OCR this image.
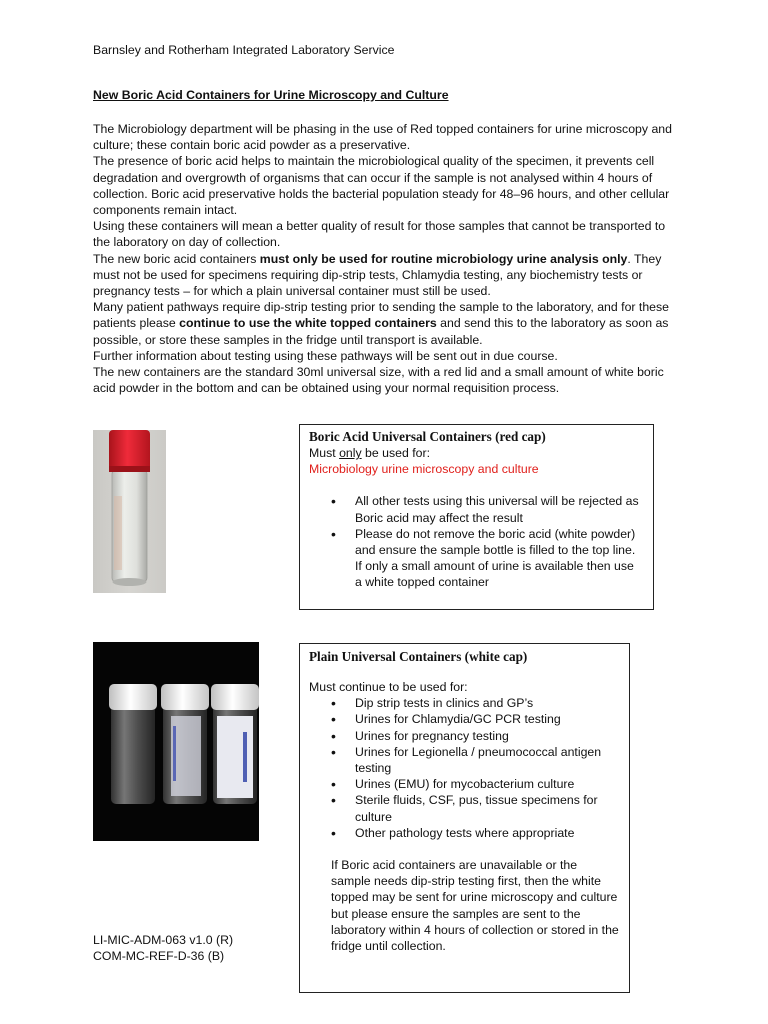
Barnsley and Rotherham Integrated Laboratory Service
New Boric Acid Containers for Urine Microscopy and Culture

The Microbiology department will be phasing in the use of Red topped containers for urine microscopy and culture; these contain boric acid powder as a preservative.

The presence of boric acid helps to maintain the microbiological quality of the specimen, it prevents cell degradation and overgrowth of organisms that can occur if the sample is not analysed within 4 hours of collection. Boric acid preservative holds the bacterial population steady for 48–96 hours, and other cellular components remain intact.

Using these containers will mean a better quality of result for those samples that cannot be transported to the laboratory on day of collection.

The new boric acid containers must only be used for routine microbiology urine analysis only. They must not be used for specimens requiring dip-strip tests, Chlamydia testing, any biochemistry tests or pregnancy tests – for which a plain universal container must still be used.

Many patient pathways require dip-strip testing prior to sending the sample to the laboratory, and for these patients please continue to use the white topped containers and send this to the laboratory as soon as possible, or store these samples in the fridge until transport is available.

Further information about testing using these pathways will be sent out in due course.

The new containers are the standard 30ml universal size, with a red lid and a small amount of white boric acid powder in the bottom and can be obtained using your normal requisition process.

Boric Acid Universal Containers (red cap)

Must only be used for:

Microbiology urine microscopy and culture

• All other tests using this universal will be rejected as Boric acid may affect the result
• Please do not remove the boric acid (white powder) and ensure the sample bottle is filled to the top line. If only a small amount of urine is available then use a white topped container
Plain Universal Containers (white cap)

Must continue to be used for:

• Dip strip tests in clinics and GP’s
• Urines for Chlamydia/GC PCR testing
• Urines for pregnancy testing
• Urines for Legionella / pneumococcal antigen testing
• Urines (EMU) for mycobacterium culture
• Sterile fluids, CSF, pus, tissue specimens for culture
• Other pathology tests where appropriate

If Boric acid containers are unavailable or the sample needs dip-strip testing first, then the white topped may be sent for urine microscopy and culture but please ensure the samples are sent to the laboratory within 4 hours of collection or stored in the fridge until collection.

LI-MIC-ADM-063 v1.0 (R)
COM-MC-REF-D-36 (B)
